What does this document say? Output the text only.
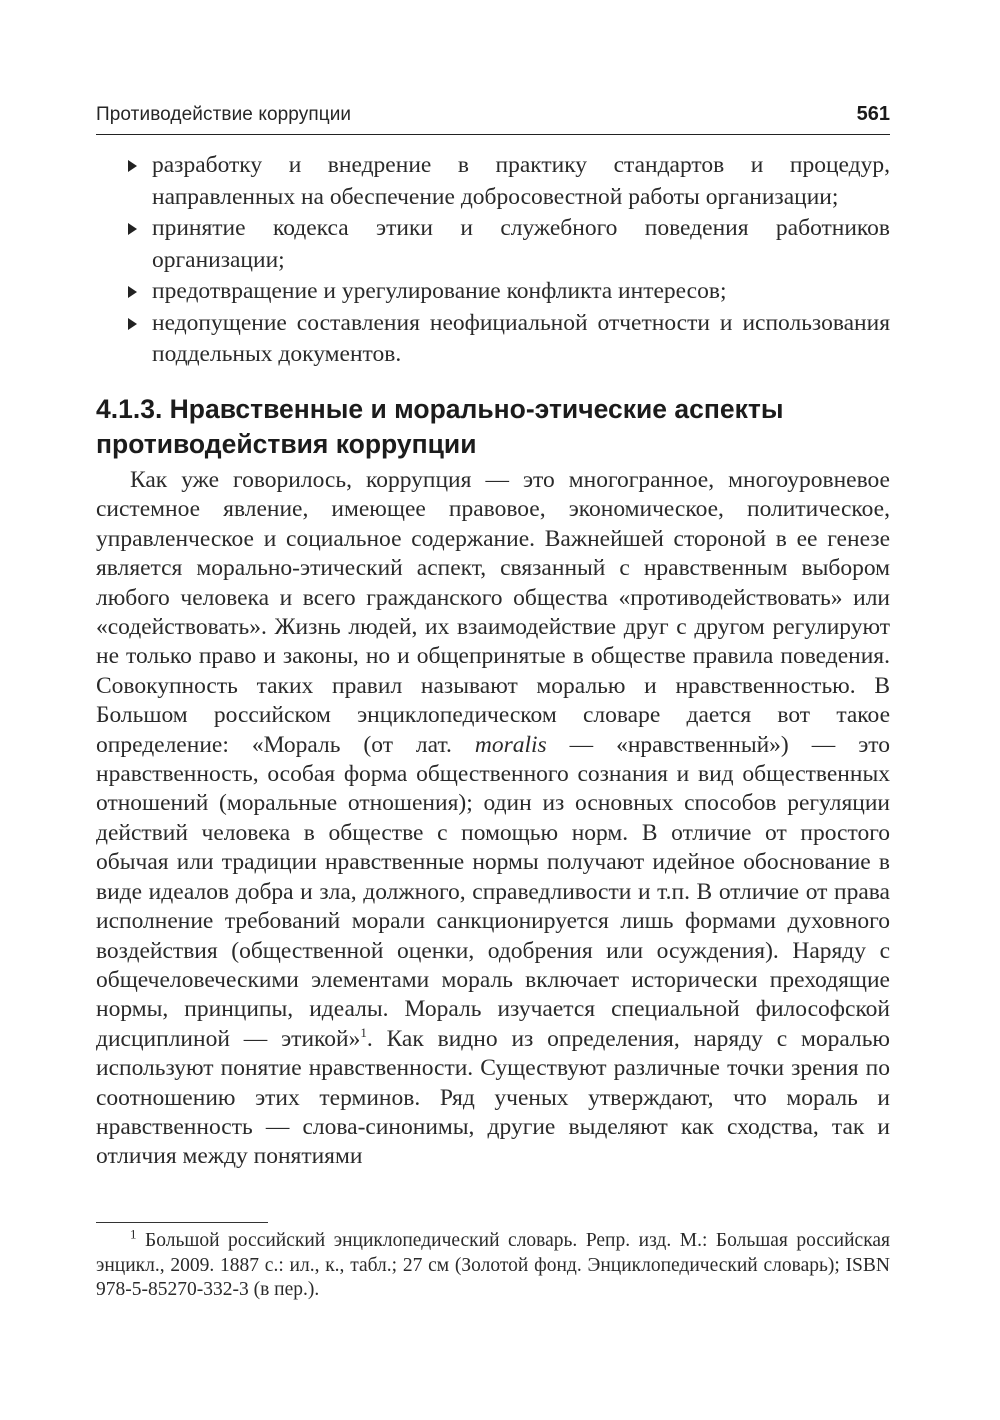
Противодействие коррупции	561
разработку и внедрение в практику стандартов и процедур, направленных на обеспечение добросовестной работы организации;
принятие кодекса этики и служебного поведения работников организации;
предотвращение и урегулирование конфликта интересов;
недопущение составления неофициальной отчетности и использования поддельных документов.
4.1.3. Нравственные и морально-этические аспекты противодействия коррупции

Как уже говорилось, коррупция — это многогранное, многоуровневое системное явление, имеющее правовое, экономическое, политическое, управленческое и социальное содержание. Важнейшей стороной в ее генезе является морально-этический аспект, связанный с нравственным выбором любого человека и всего гражданского общества «противодействовать» или «содействовать». Жизнь людей, их взаимодействие друг с другом регулируют не только право и законы, но и общепринятые в обществе правила поведения. Совокупность таких правил называют моралью и нравственностью. В Большом российском энциклопедическом словаре дается вот такое определение: «Мораль (от лат. moralis — «нравственный») — это нравственность, особая форма общественного сознания и вид общественных отношений (моральные отношения); один из основных способов регуляции действий человека в обществе с помощью норм. В отличие от простого обычая или традиции нравственные нормы получают идейное обоснование в виде идеалов добра и зла, должного, справедливости и т.п. В отличие от права исполнение требований морали санкционируется лишь формами духовного воздействия (общественной оценки, одобрения или осуждения). Наряду с общечеловеческими элементами мораль включает исторически преходящие нормы, принципы, идеалы. Мораль изучается специальной философской дисциплиной — этикой»$^1$. Как видно из определения, наряду с моралью используют понятие нравственности. Существуют различные точки зрения по соотношению этих терминов. Ряд ученых утверждают, что мораль и нравственность — слова-синонимы, другие выделяют как сходства, так и отличия между понятиями

$^1$ Большой российский энциклопедический словарь. Репр. изд. М.: Большая российская энцикл., 2009. 1887 с.: ил., к., табл.; 27 см (Золотой фонд. Энциклопедический словарь); ISBN 978-5-85270-332-3 (в пер.).
